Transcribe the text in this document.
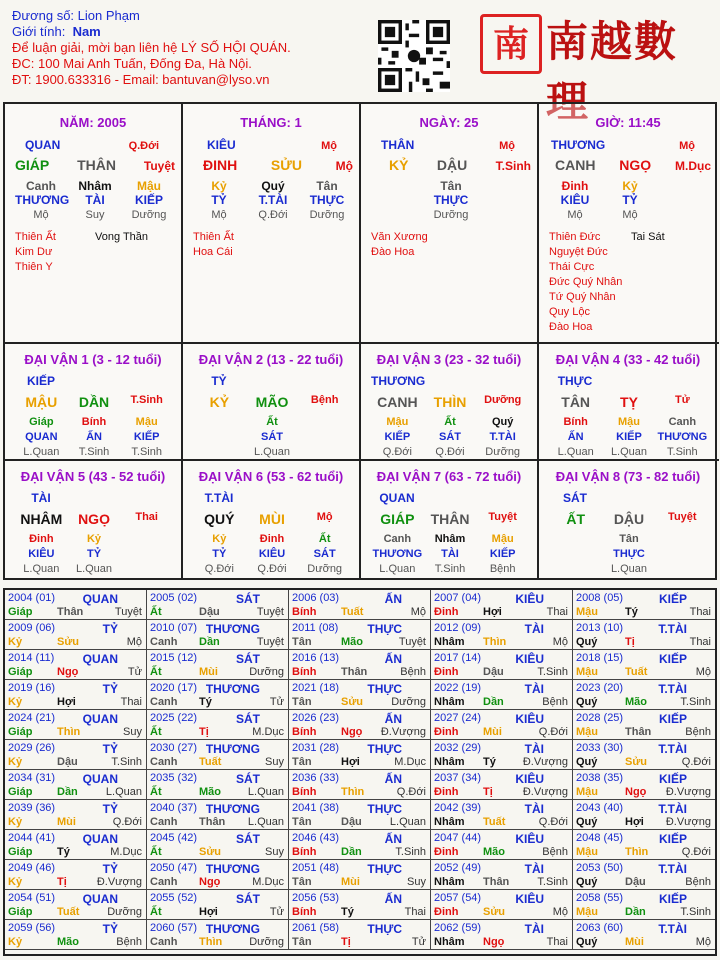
Đương số: Lion Phạm
Giới tính: Nam
Để luận giải, mời bạn liên hệ LÝ SỐ HỘI QUÁN.
ĐC: 100 Mai Anh Tuấn, Đống Đa, Hà Nội.
ĐT: 1900.633316 - Email: bantuvan@lyso.vn
南 南越數理
NĂM: 2005
QUAN	Q.Đới
GIÁP THÂN Tuyệt
Canh	Nhâm	Mậu
THƯƠNG	TÀI	KIẾP
Mộ	Suy	Dưỡng
Thiên Ất
Kim Dư
Thiên Y
Vong Thần
THÁNG: 1
KIÊU	Mộ
ĐINH SỬU	Mộ
Kỷ	Quý	Tân
TỶ	T.TÀI	THỰC
Mộ	Q.Đới	Dưỡng
Thiên Ất
Hoa Cái
NGÀY: 25
THÂN	Mộ
KỶ DẬU T.Sinh
Tân
THỰC
Dưỡng
Văn Xương
Đào Hoa
GIỜ: 11:45
THƯƠNG	Mộ
CANH NGỌ M.Dục
Đinh	Kỷ
KIÊU	TỶ
Mộ	Mộ
Thiên Đức
Nguyệt Đức
Thái Cực
Đức Quý Nhân
Tứ Quý Nhân
Quy Lộc
Đào Hoa
Tai Sát
ĐẠI VẬN 1 (3 - 12 tuổi)
KIẾP
MẬU	DẦN	T.Sinh
Giáp	Bính	Mậu
QUAN	ẤN	KIẾP
L.Quan	T.Sinh	T.Sinh
ĐẠI VẬN 2 (13 - 22 tuổi)
TỶ
KỶ	MÃO	Bệnh
Ất
SÁT
L.Quan
ĐẠI VẬN 3 (23 - 32 tuổi)
THƯƠNG
CANH	THÌN	Dưỡng
Mậu	Ất	Quý
KIẾP	SÁT	T.TÀI
Q.Đới	Q.Đới	Dưỡng
ĐẠI VẬN 4 (33 - 42 tuổi)
THỰC
TÂN	TỴ	Tử
Bính	Mậu	Canh
ẤN	KIẾP	THƯƠNG
L.Quan	L.Quan	T.Sinh
ĐẠI VẬN 5 (43 - 52 tuổi)
TÀI
NHÂM	NGỌ	Thai
Đinh	Kỷ
KIÊU	TỶ
L.Quan	L.Quan
ĐẠI VẬN 6 (53 - 62 tuổi)
T.TÀI
QUÝ	MÙI	Mộ
Kỷ	Đinh	Ất
TỶ	KIÊU	SÁT
Q.Đới	Q.Đới	Dưỡng
ĐẠI VẬN 7 (63 - 72 tuổi)
QUAN
GIÁP	THÂN	Tuyệt
Canh	Nhâm	Mậu
THƯƠNG	TÀI	KIẾP
L.Quan	T.Sinh	Bệnh
ĐẠI VẬN 8 (73 - 82 tuổi)
SÁT
ẤT	DẬU	Tuyệt
Tân
THỰC
L.Quan
2004 (01) QUAN
Giáp Thân	Tuyệt
2005 (02)	SÁT
Ất	Dậu	Tuyệt
2006 (03)	ẤN
Bính Tuất	Mộ
2007 (04)	KIÊU
Đinh Hợi	Thai
2008 (05)	KIẾP
Mậu Tý	Thai
2009 (06)	TỶ
Kỷ	Sửu	Mộ
2010 (07) THƯƠNG
Canh Dần	Tuyệt
2011 (08) THỰC
Tân	Mão	Tuyệt
2012 (09)	TÀI
Nhâm Thìn	Mộ
2013 (10)	T.TÀI
Quý	Tị	Thai
2014 (11) QUAN
Giáp Ngọ	Tử
2015 (12)	SÁT
Ất	Mùi	Dưỡng
2016 (13)	ẤN
Bính Thân	Bệnh
2017 (14)	KIÊU
Đinh Dậu	T.Sinh
2018 (15)	KIẾP
Mậu Tuất	Mộ
2019 (16)	TỶ
Kỷ	Hợi	Thai
2020 (17) THƯƠNG
Canh Tý	Tử
2021 (18) THỰC
Tân	Sửu	Dưỡng
2022 (19)	TÀI
Nhâm Dần	Bệnh
2023 (20)	T.TÀI
Quý	Mão	T.Sinh
2024 (21) QUAN
Giáp Thìn	Suy
2025 (22)	SÁT
Ất	Tị	M.Dục
2026 (23)	ẤN
Bính Ngọ Đ.Vượng
2027 (24)	KIÊU
Đinh Mùi	Q.Đới
2028 (25)	KIẾP
Mậu Thân	Bệnh
2029 (26)	TỶ
Kỷ	Dậu	T.Sinh
2030 (27) THƯƠNG
Canh Tuất	Suy
2031 (28) THỰC
Tân	Hợi	M.Dục
2032 (29)	TÀI
Nhâm Tý Đ.Vượng
2033 (30)	T.TÀI
Quý	Sửu	Q.Đới
2034 (31) QUAN
Giáp Dần	L.Quan
2035 (32)	SÁT
Ất	Mão L.Quan
2036 (33)	ẤN
Bính Thìn	Q.Đới
2037 (34)	KIÊU
Đinh Tị	Đ.Vượng
2038 (35)	KIẾP
Mậu Ngọ Đ.Vượng
2039 (36)	TỶ
Kỷ	Mùi	Q.Đới
2040 (37) THƯƠNG
Canh Thân L.Quan
2041 (38) THỰC
Tân	Dậu	L.Quan
2042 (39)	TÀI
Nhâm Tuất	Q.Đới
2043 (40)	T.TÀI
Quý	Hợi Đ.Vượng
2044 (41) QUAN
Giáp Tý	M.Dục
2045 (42)	SÁT
Ất	Sửu	Suy
2046 (43)	ẤN
Bính Dần	T.Sinh
2047 (44)	KIÊU
Đinh Mão	Bệnh
2048 (45)	KIẾP
Mậu Thìn	Q.Đới
2049 (46)	TỶ
Kỷ	Tị	Đ.Vượng
2050 (47) THƯƠNG
Canh Ngọ	M.Dục
2051 (48) THỰC
Tân	Mùi	Suy
2052 (49)	TÀI
Nhâm Thân	T.Sinh
2053 (50)	T.TÀI
Quý	Dậu	Bệnh
2054 (51) QUAN
Giáp Tuất	Dưỡng
2055 (52)	SÁT
Ất	Hợi	Tử
2056 (53)	ẤN
Bính Tý	Thai
2057 (54)	KIÊU
Đinh Sửu	Mộ
2058 (55)	KIẾP
Mậu Dần	T.Sinh
2059 (56)	TỶ
Kỷ	Mão	Bệnh
2060 (57) THƯƠNG
Canh Thìn Dưỡng
2061 (58) THỰC
Tân	Tị	Tử
2062 (59)	TÀI
Nhâm Ngọ	Thai
2063 (60)	T.TÀI
Quý	Mùi	Mộ
